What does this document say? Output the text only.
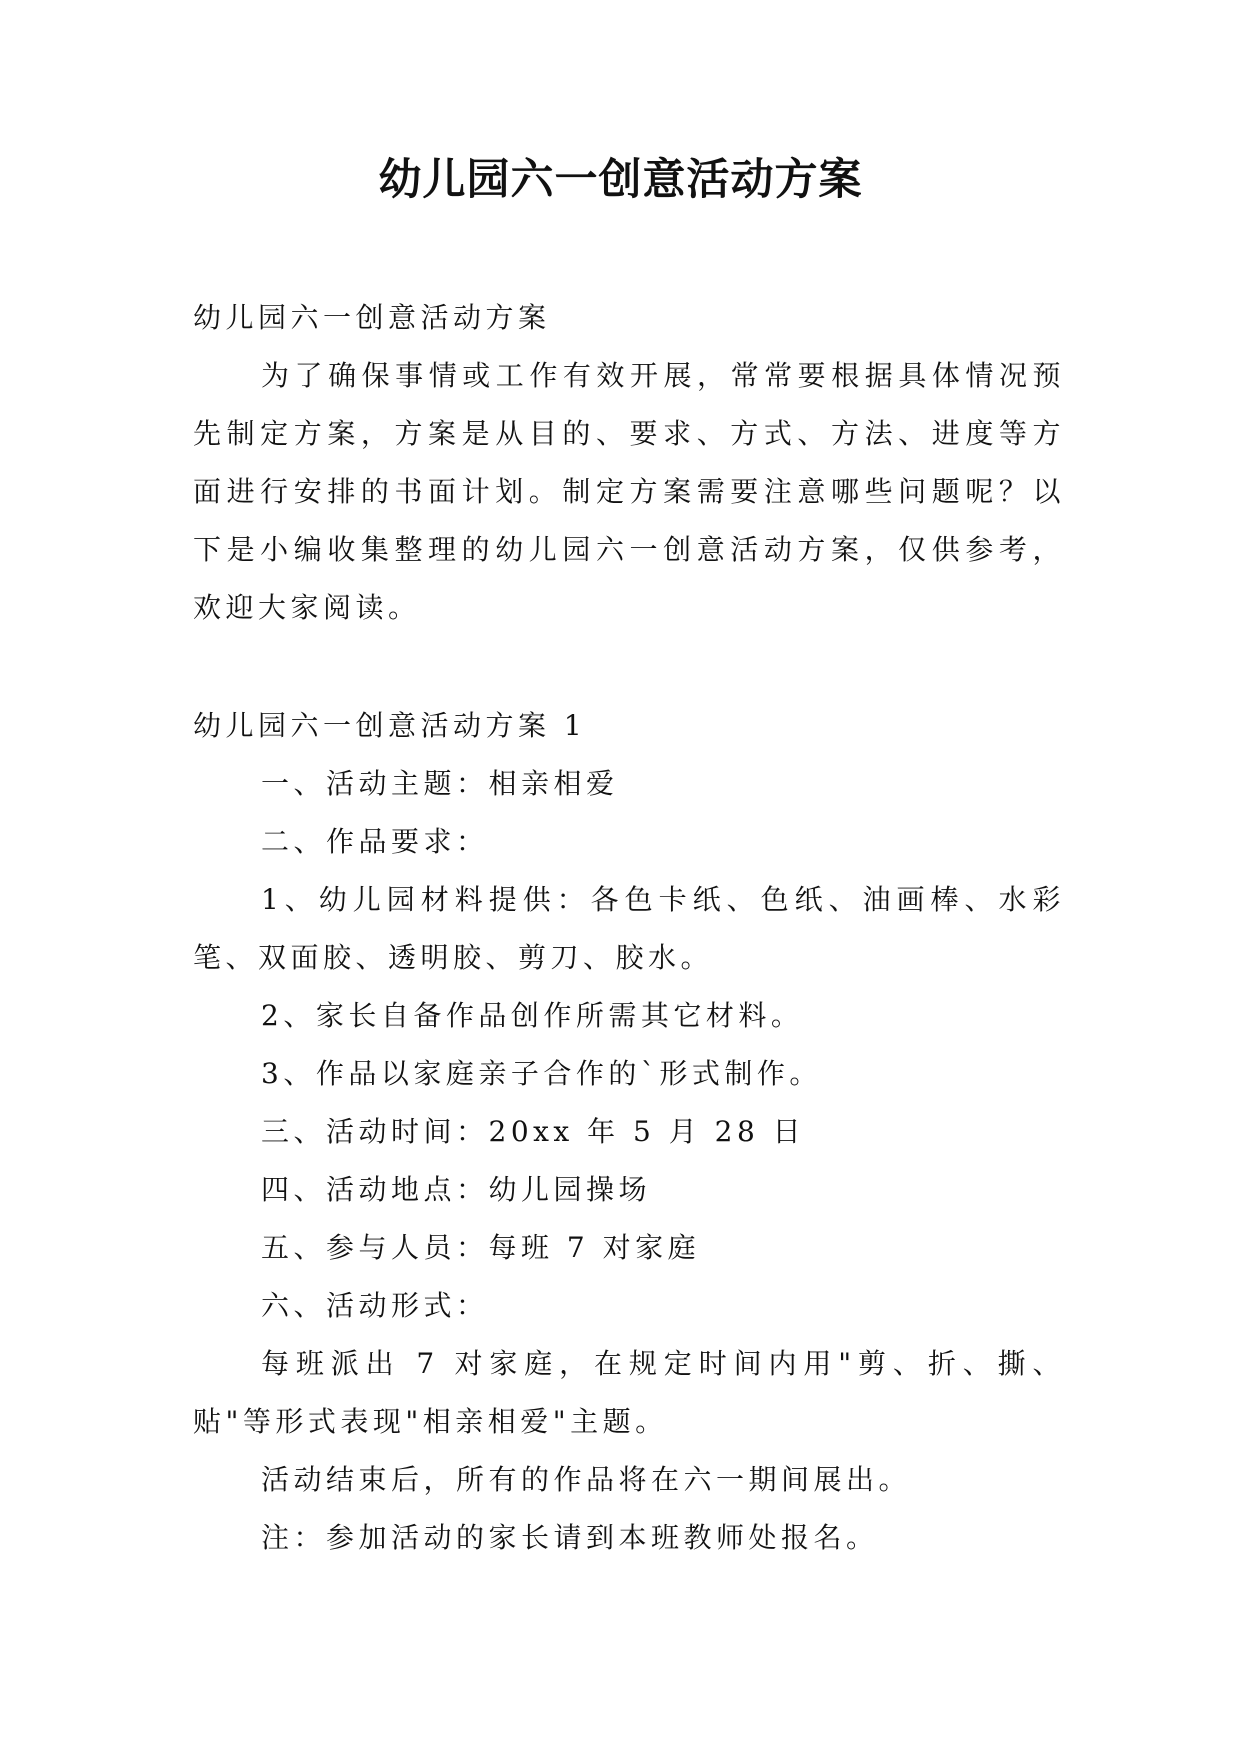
幼儿园六一创意活动方案

幼儿园六一创意活动方案

为了确保事情或工作有效开展，常常要根据具体情况预先制定方案，方案是从目的、要求、方式、方法、进度等方面进行安排的书面计划。制定方案需要注意哪些问题呢？以下是小编收集整理的幼儿园六一创意活动方案，仅供参考，欢迎大家阅读。

幼儿园六一创意活动方案 1

一、活动主题：相亲相爱

二、作品要求：

1、幼儿园材料提供：各色卡纸、色纸、油画棒、水彩笔、双面胶、透明胶、剪刀、胶水。

2、家长自备作品创作所需其它材料。

3、作品以家庭亲子合作的`形式制作。

三、活动时间：20xx 年 5 月 28 日

四、活动地点：幼儿园操场

五、参与人员：每班 7 对家庭

六、活动形式：

每班派出 7 对家庭，在规定时间内用"剪、折、撕、贴"等形式表现"相亲相爱"主题。

活动结束后，所有的作品将在六一期间展出。

注：参加活动的家长请到本班教师处报名。
